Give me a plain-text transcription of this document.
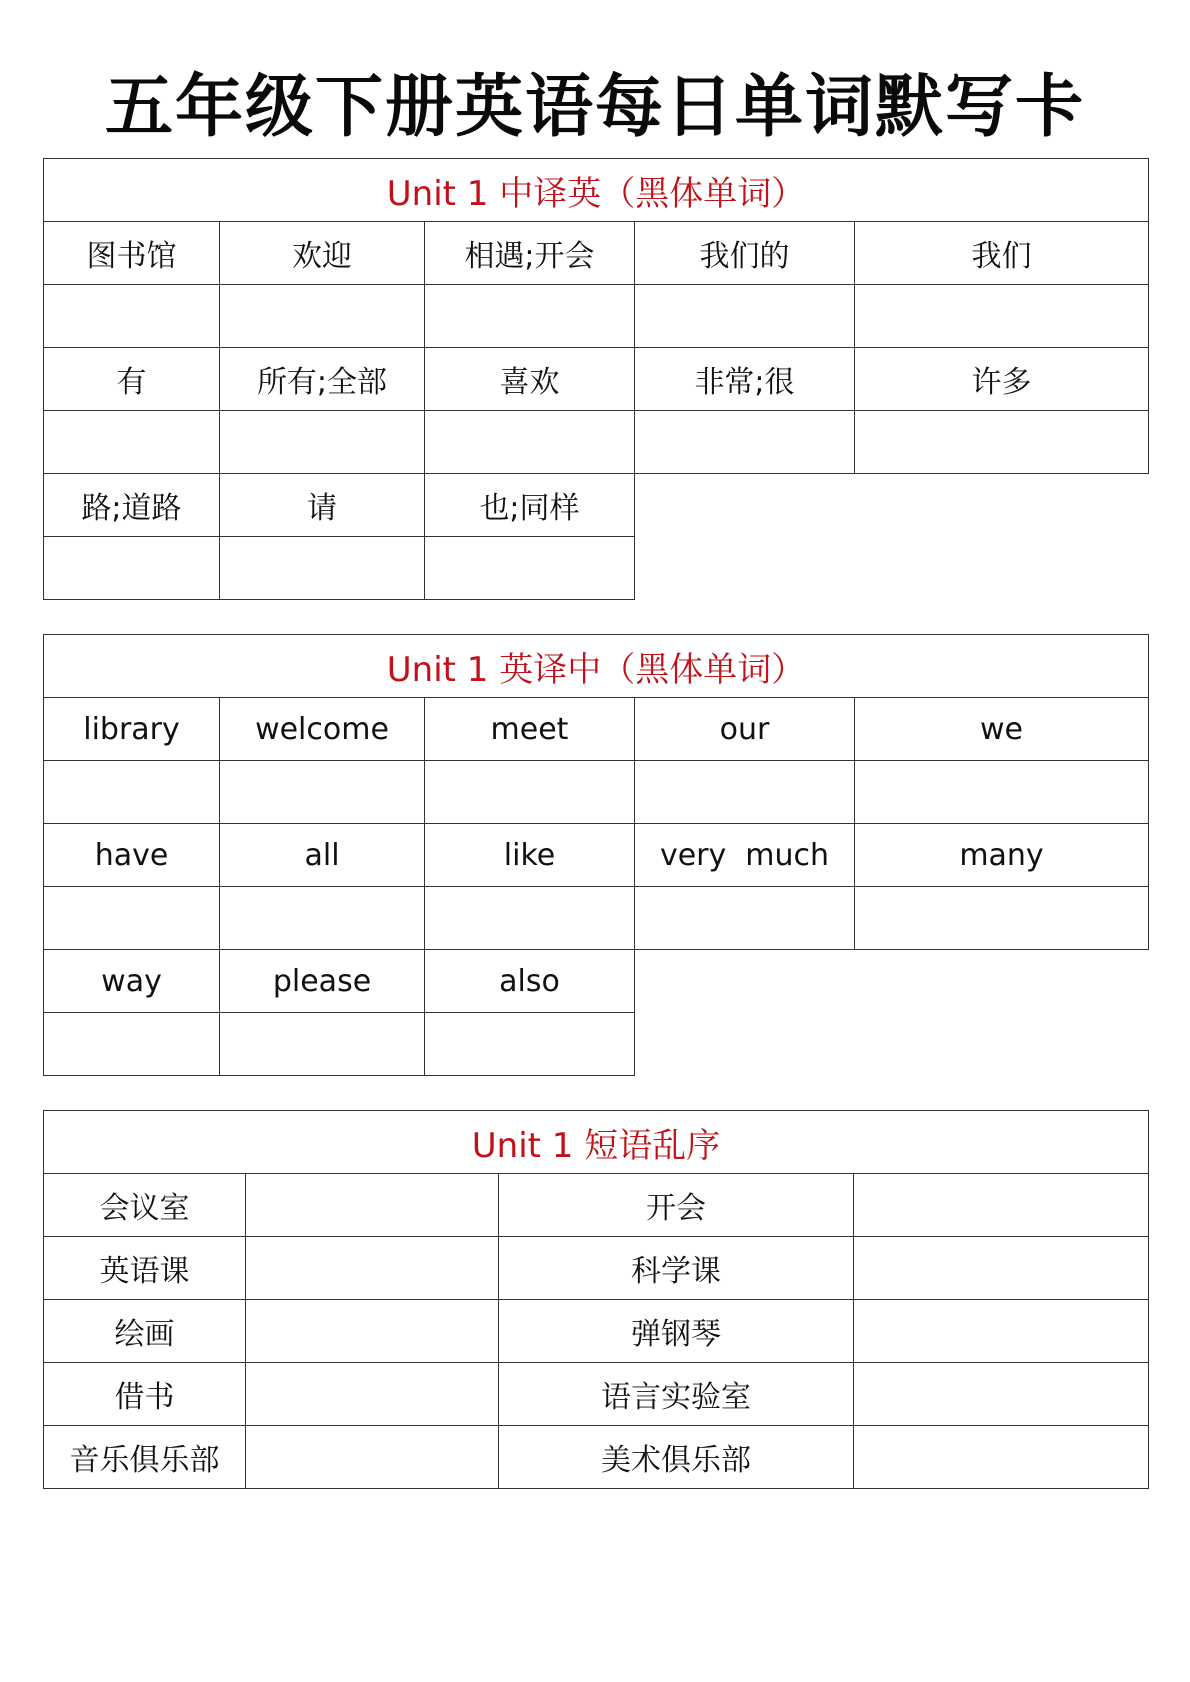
五年级下册英语每日单词默写卡
Unit 1 中译英（黑体单词）				
图书馆	欢迎	相遇;开会	我们的	我们

有	所有;全部	喜欢	非常;很	许多

路;道路	请	也;同样		

Unit 1 英译中（黑体单词）				
library	welcome	meet	our	we

have	all	like	very  much	many

way	please	also		

Unit 1 短语乱序			
会议室		开会	
英语课		科学课	
绘画		弹钢琴	
借书		语言实验室	
音乐俱乐部		美术俱乐部	
